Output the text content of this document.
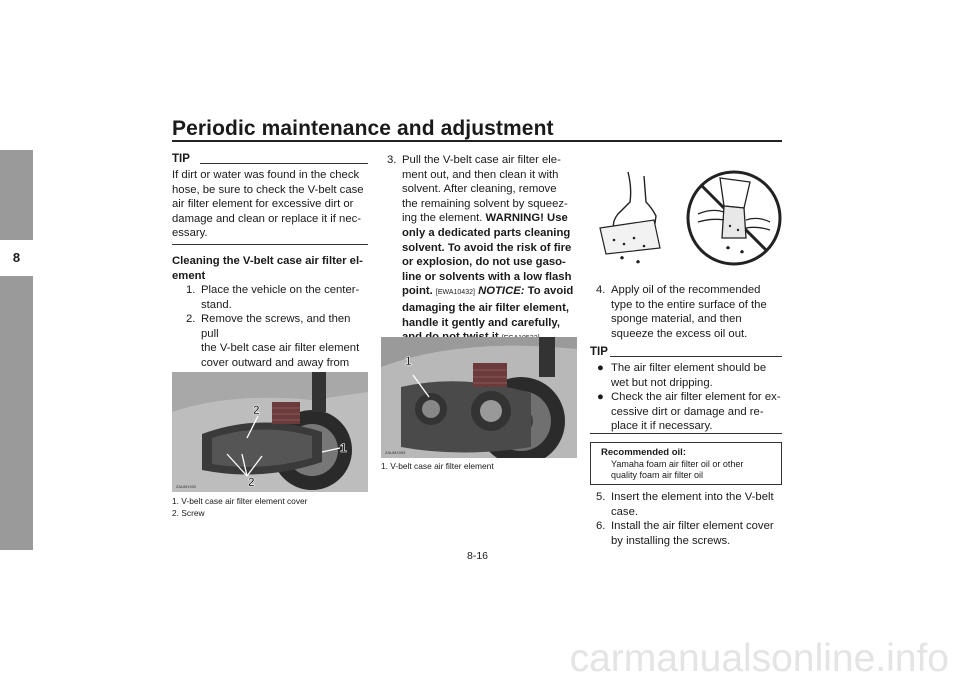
Periodic maintenance and adjustment
8
TIP
If dirt or water was found in the check
hose, be sure to check the V-belt case
air filter element for excessive dirt or
damage and clean or replace it if nec-
essary.
Cleaning the V-belt case air filter el-
ement
1. Place the vehicle on the center-
stand.
2. Remove the screws, and then pull
the V-belt case air filter element
cover outward and away from
ZAUM1992
2
1
2
1. V-belt case air filter element cover
2. Screw
3. Pull the V-belt case air filter ele-
ment out, and then clean it with
solvent. After cleaning, remove
the remaining solvent by squeez-
ing the element. WARNING! Use
only a dedicated parts cleaning
solvent. To avoid the risk of fire
or explosion, do not use gaso-
line or solvents with a low flash
point. [EWA10432] NOTICE: To avoid
damaging the air filter element,
handle it gently and carefully,
ZAUM1993
1
1. V-belt case air filter element
4. Apply oil of the recommended
type to the entire surface of the
sponge material, and then
squeeze the excess oil out.
TIP
● The air filter element should be
wet but not dripping.
● Check the air filter element for ex-
cessive dirt or damage and re-
place it if necessary.
Recommended oil:
Yamaha foam air filter oil or other
quality foam air filter oil
5. Insert the element into the V-belt
case.
6. Install the air filter element cover
by installing the screws.
8-16
carmanualsonline.info
